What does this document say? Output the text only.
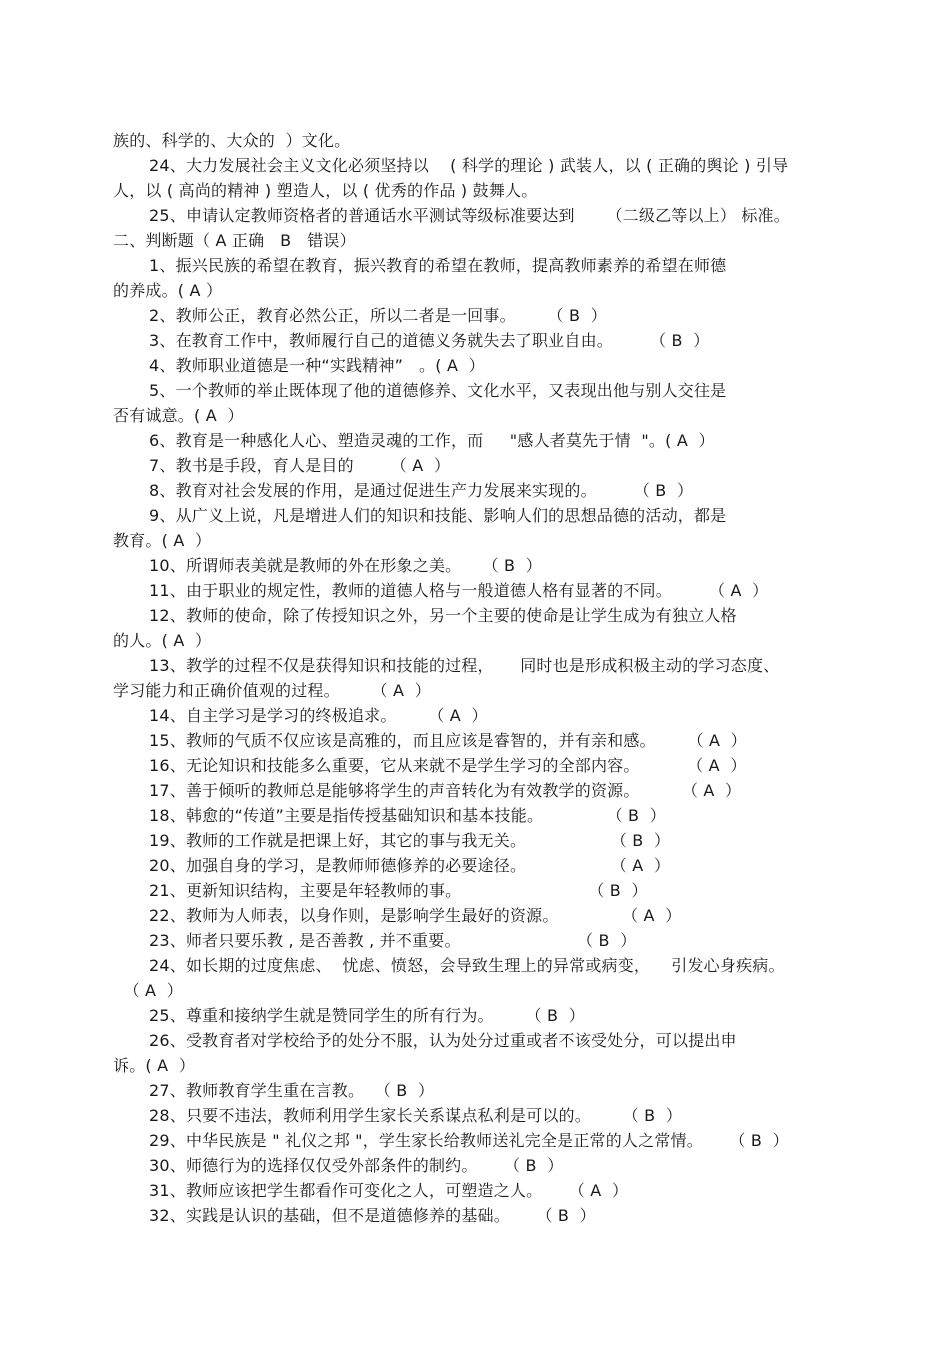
族的、科学的、大众的  ）文化。
24、大力发展社会主义文化必须坚持以    ( 科学的理论 ) 武装人，以 ( 正确的舆论 ) 引导
人，以 ( 高尚的精神 ) 塑造人，以 ( 优秀的作品 ) 鼓舞人。
25、申请认定教师资格者的普通话水平测试等级标准要达到      （二级乙等以上） 标准。
二、判断题（ A 正确   B   错误）
1、振兴民族的希望在教育，振兴教育的希望在教师，提高教师素养的希望在师德
的养成。( A ）
2、教师公正，教育必然公正，所以二者是一回事。      （ B  ）
3、在教育工作中，教师履行自己的道德义务就失去了职业自由。       （ B  ）
4、教师职业道德是一种“实践精神”   。( A  ）
5、一个教师的举止既体现了他的道德修养、文化水平，又表现出他与别人交往是
否有诚意。( A  ）
6、教育是一种感化人心、塑造灵魂的工作，而     "感人者莫先于情  "。( A  ）
7、教书是手段，育人是目的       （ A  ）
8、教育对社会发展的作用，是通过促进生产力发展来实现的。       （ B  ）
9、从广义上说，凡是增进人们的知识和技能、影响人们的思想品德的活动，都是
教育。( A  ）
10、所谓师表美就是教师的外在形象之美。    （ B  ）
11、由于职业的规定性，教师的道德人格与一般道德人格有显著的不同。       （ A  ）
12、教师的使命，除了传授知识之外，另一个主要的使命是让学生成为有独立人格
的人。( A  ）
13、教学的过程不仅是获得知识和技能的过程，     同时也是形成积极主动的学习态度、
学习能力和正确价值观的过程。      （ A  ）
14、自主学习是学习的终极追求。      （ A  ）
15、教师的气质不仅应该是高雅的，而且应该是睿智的，并有亲和感。      （ A  ）
16、无论知识和技能多么重要，它从来就不是学生学习的全部内容。         （ A  ）
17、善于倾听的教师总是能够将学生的声音转化为有效教学的资源。        （ A  ）
18、韩愈的“传道”主要是指传授基础知识和基本技能。            （ B  ）
19、教师的工作就是把课上好，其它的事与我无关。                （ B  ）
20、加强自身的学习，是教师师德修养的必要途径。                （ A  ）
21、更新知识结构，主要是年轻教师的事。                        （ B  ）
22、教师为人师表，以身作则，是影响学生最好的资源。            （ A  ）
23、师者只要乐教 , 是否善教 , 并不重要。                      （ B  ）
24、如长期的过度焦虑、  忧虑、愤怒，会导致生理上的异常或病变，    引发心身疾病。
（ A  ）
25、尊重和接纳学生就是赞同学生的所有行为。      （ B  ）
26、受教育者对学校给予的处分不服，认为处分过重或者不该受处分，可以提出申
诉。( A  ）
27、教师教育学生重在言教。  （ B  ）
28、只要不违法，教师利用学生家长关系谋点私利是可以的。      （ B  ）
29、中华民族是 " 礼仪之邦 "，学生家长给教师送礼完全是正常的人之常情。     （ B  ）
30、师德行为的选择仅仅受外部条件的制约。     （ B  ）
31、教师应该把学生都看作可变化之人，可塑造之人。     （ A  ）
32、实践是认识的基础，但不是道德修养的基础。     （ B  ）
